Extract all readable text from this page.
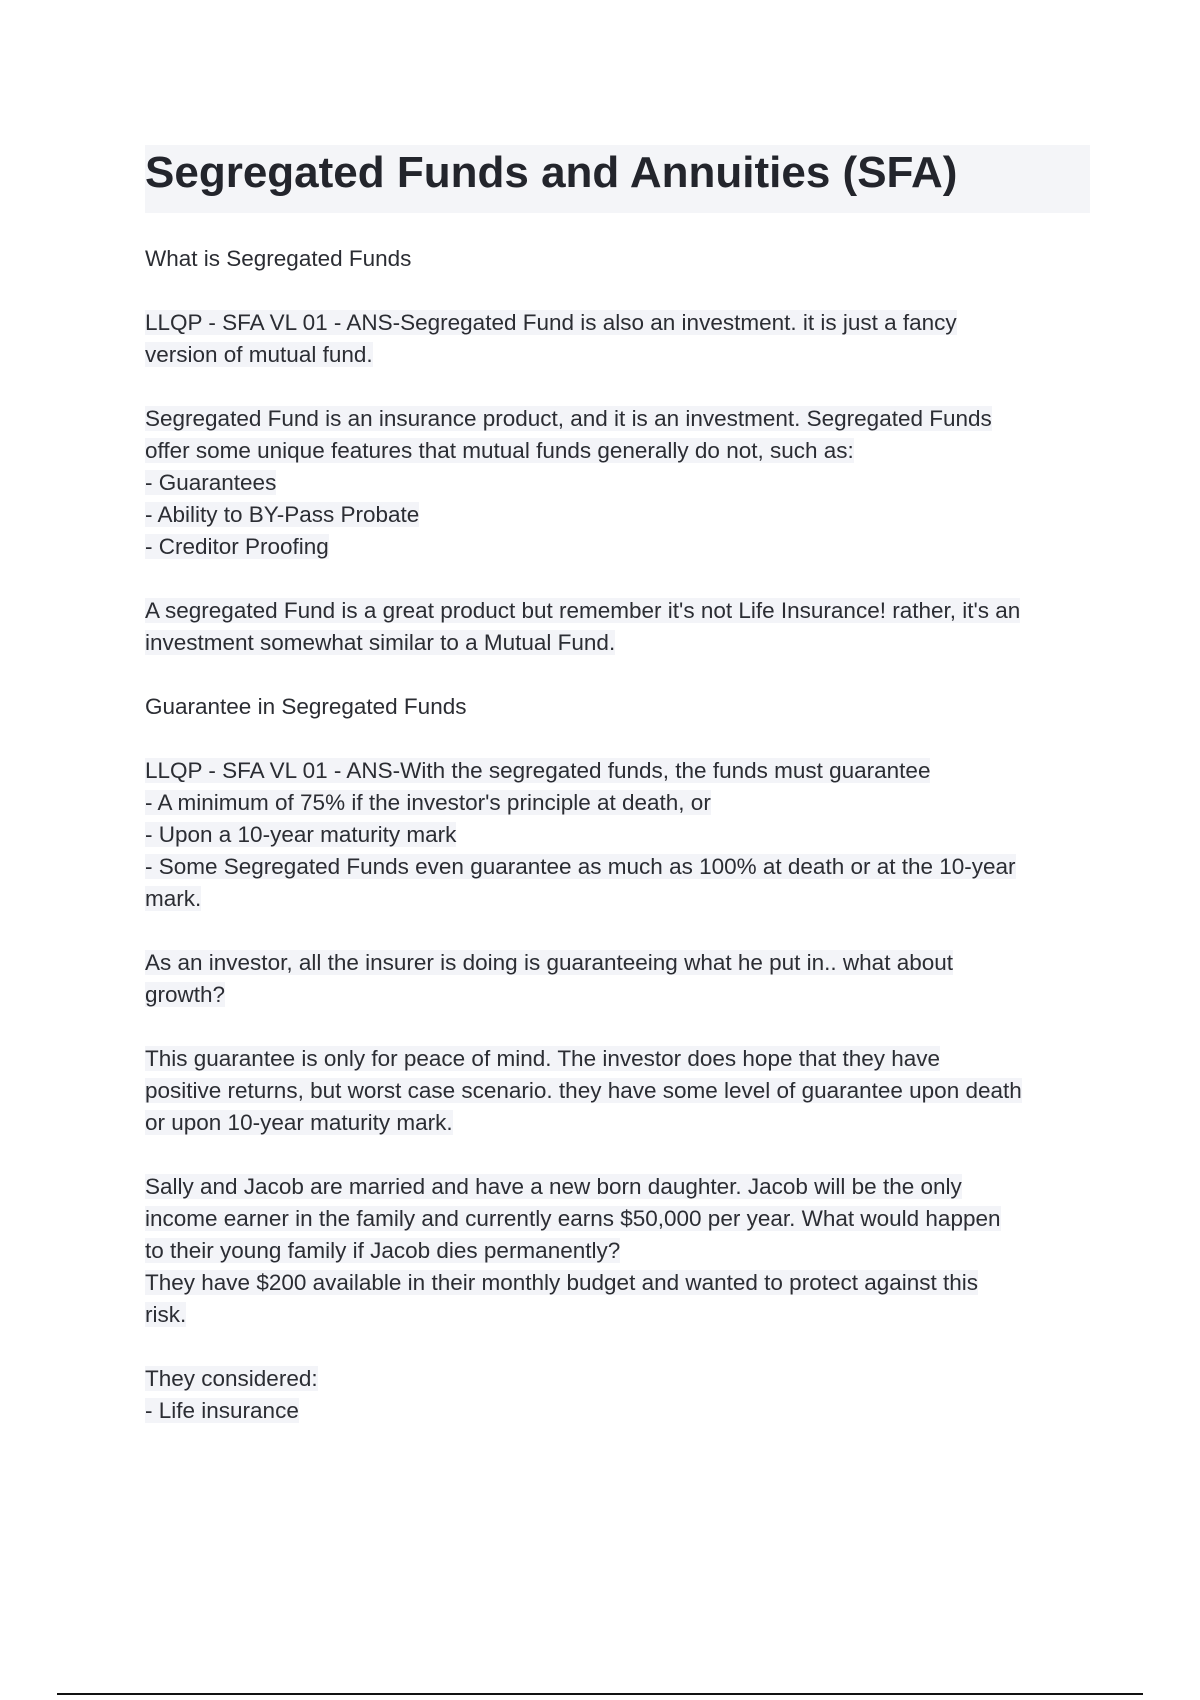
Segregated Funds and Annuities (SFA)

What is Segregated Funds

LLQP - SFA VL 01 - ANS-Segregated Fund is also an investment. it is just a fancy
version of mutual fund.

Segregated Fund is an insurance product, and it is an investment. Segregated Funds
offer some unique features that mutual funds generally do not, such as:
- Guarantees
- Ability to BY-Pass Probate
- Creditor Proofing

A segregated Fund is a great product but remember it's not Life Insurance! rather, it's an
investment somewhat similar to a Mutual Fund.

Guarantee in Segregated Funds

LLQP - SFA VL 01 - ANS-With the segregated funds, the funds must guarantee
- A minimum of 75% if the investor's principle at death, or
- Upon a 10-year maturity mark
- Some Segregated Funds even guarantee as much as 100% at death or at the 10-year
mark.

As an investor, all the insurer is doing is guaranteeing what he put in.. what about
growth?

This guarantee is only for peace of mind. The investor does hope that they have
positive returns, but worst case scenario. they have some level of guarantee upon death
or upon 10-year maturity mark.

Sally and Jacob are married and have a new born daughter. Jacob will be the only
income earner in the family and currently earns $50,000 per year. What would happen
to their young family if Jacob dies permanently?
They have $200 available in their monthly budget and wanted to protect against this
risk.

They considered:
- Life insurance
